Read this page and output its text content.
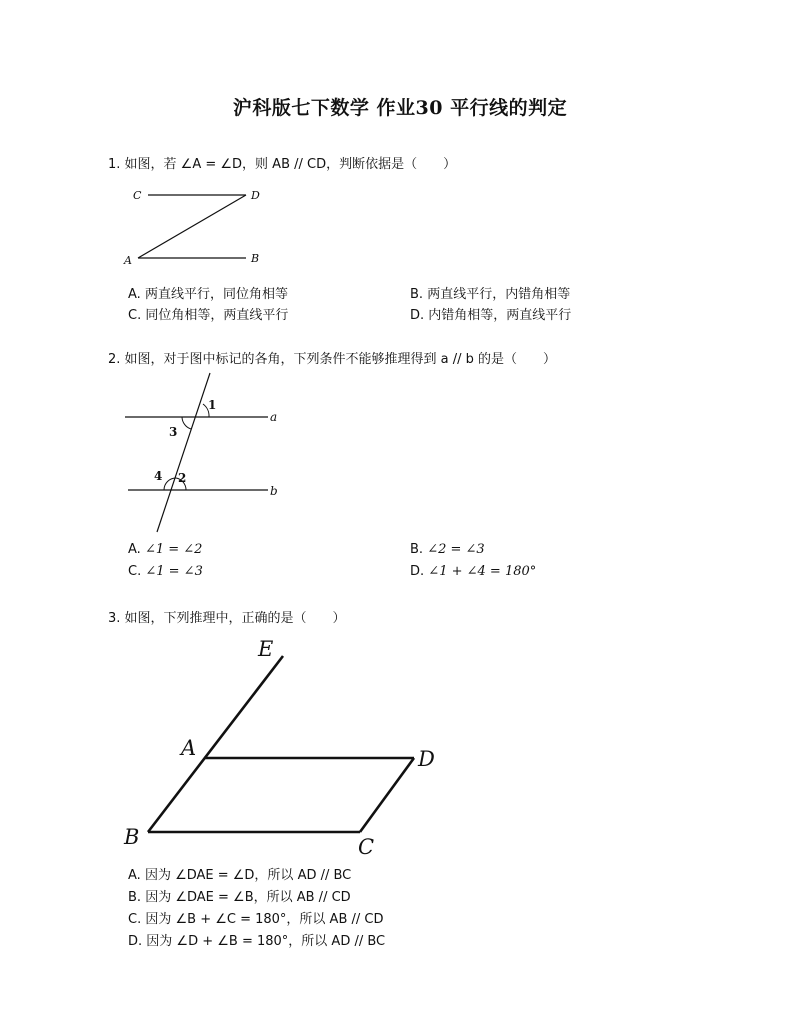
沪科版七下数学 作业30 平行线的判定
1. 如图，若 ∠A = ∠D，则 AB // CD，判断依据是（　　）
C	D
A	B
A. 两直线平行，同位角相等	B. 两直线平行，内错角相等
C. 同位角相等，两直线平行	D. 内错角相等，两直线平行
2. 如图，对于图中标记的各角，下列条件不能够推理得到 a // b 的是（　　）
1
3
4 2
a
b
A. ∠1 = ∠2	B. ∠2 = ∠3
C. ∠1 = ∠3	D. ∠1 + ∠4 = 180°
3. 如图，下列推理中，正确的是（　　）
E
A	D
B	C
A. 因为 ∠DAE = ∠D，所以 AD // BC
B. 因为 ∠DAE = ∠B，所以 AB // CD
C. 因为 ∠B + ∠C = 180°，所以 AB // CD
D. 因为 ∠D + ∠B = 180°，所以 AD // BC
